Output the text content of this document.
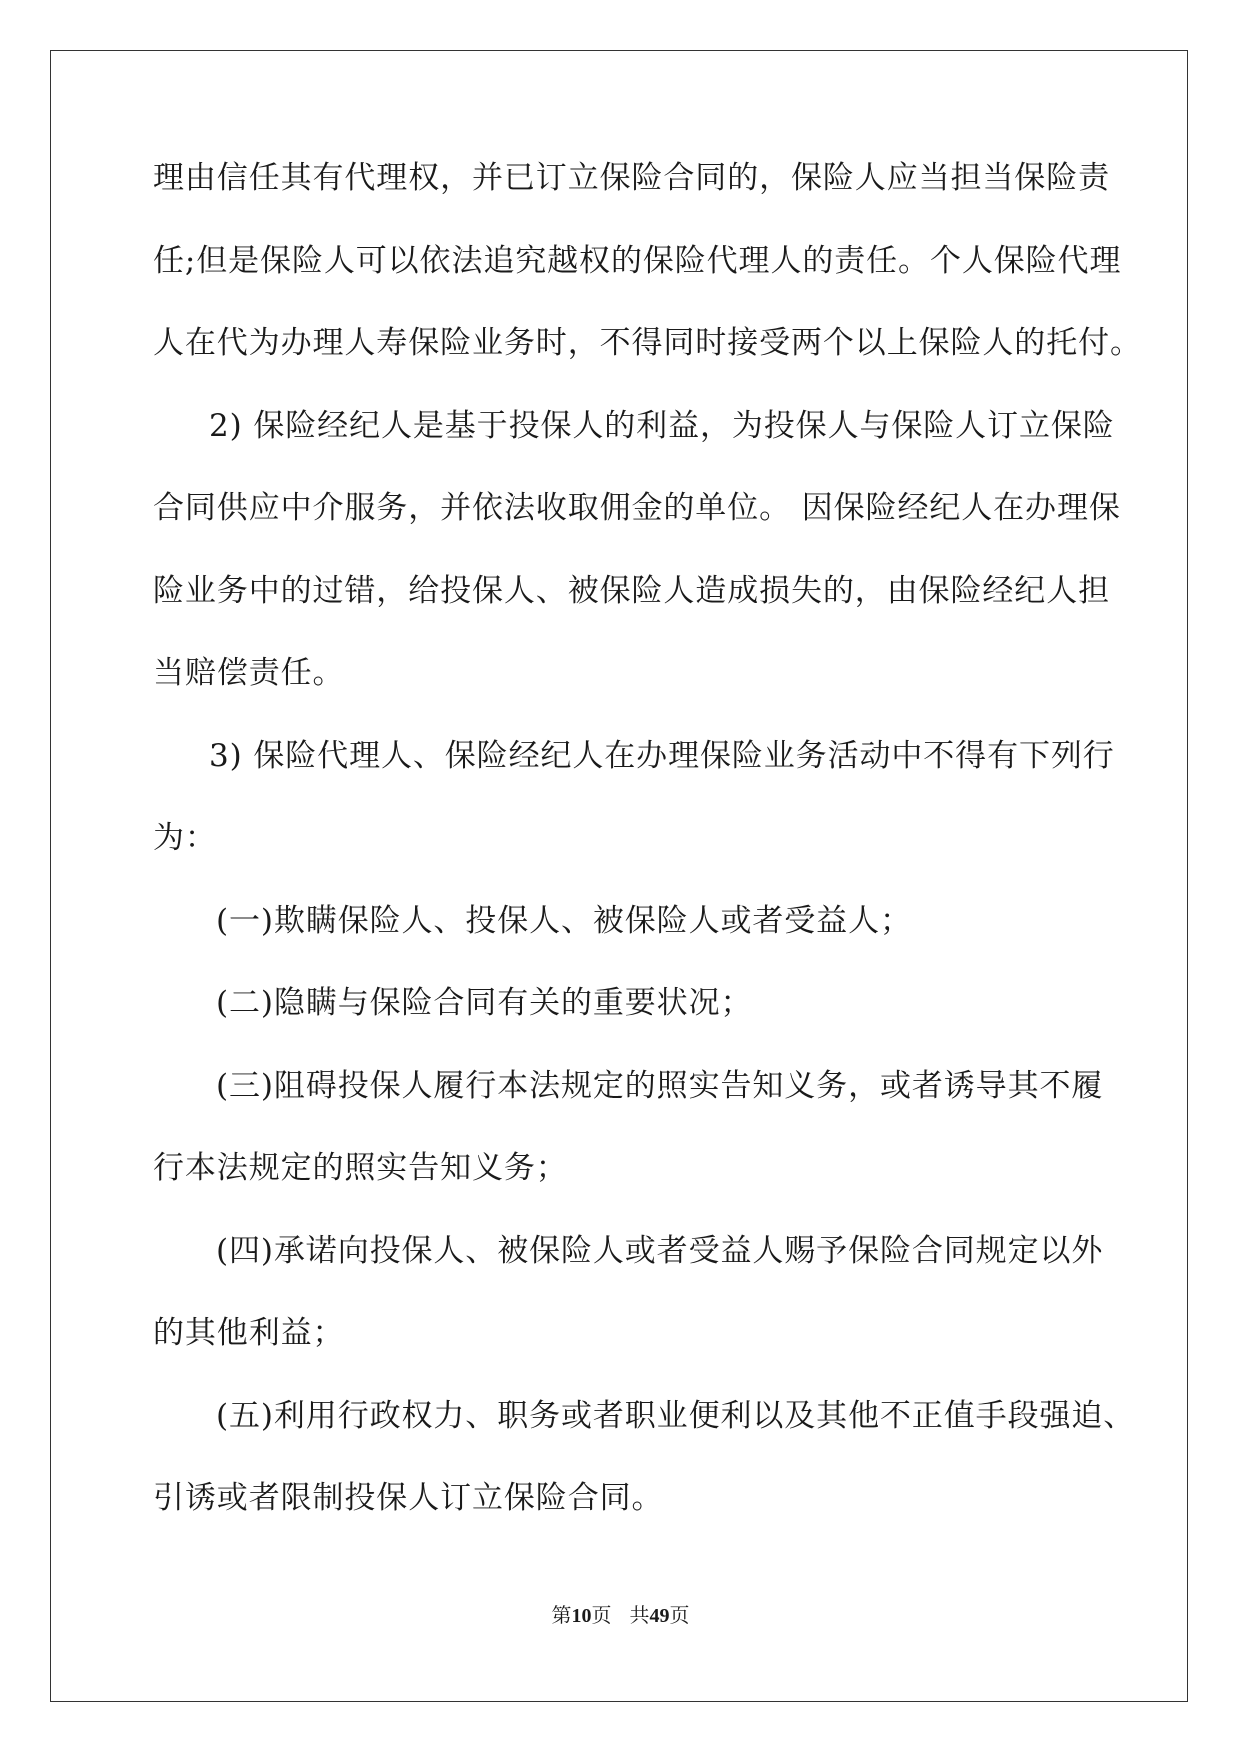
理由信任其有代理权，并已订立保险合同的，保险人应当担当保险责
任;但是保险人可以依法追究越权的保险代理人的责任。个人保险代理
人在代为办理人寿保险业务时，不得同时接受两个以上保险人的托付。
2) 保险经纪人是基于投保人的利益，为投保人与保险人订立保险
合同供应中介服务，并依法收取佣金的单位。 因保险经纪人在办理保
险业务中的过错，给投保人、被保险人造成损失的，由保险经纪人担
当赔偿责任。
3) 保险代理人、保险经纪人在办理保险业务活动中不得有下列行
为：
(一)欺瞒保险人、投保人、被保险人或者受益人；
(二)隐瞒与保险合同有关的重要状况；
(三)阻碍投保人履行本法规定的照实告知义务，或者诱导其不履
行本法规定的照实告知义务；
(四)承诺向投保人、被保险人或者受益人赐予保险合同规定以外
的其他利益；
(五)利用行政权力、职务或者职业便利以及其他不正值手段强迫、
引诱或者限制投保人订立保险合同。
第10页 共49页
